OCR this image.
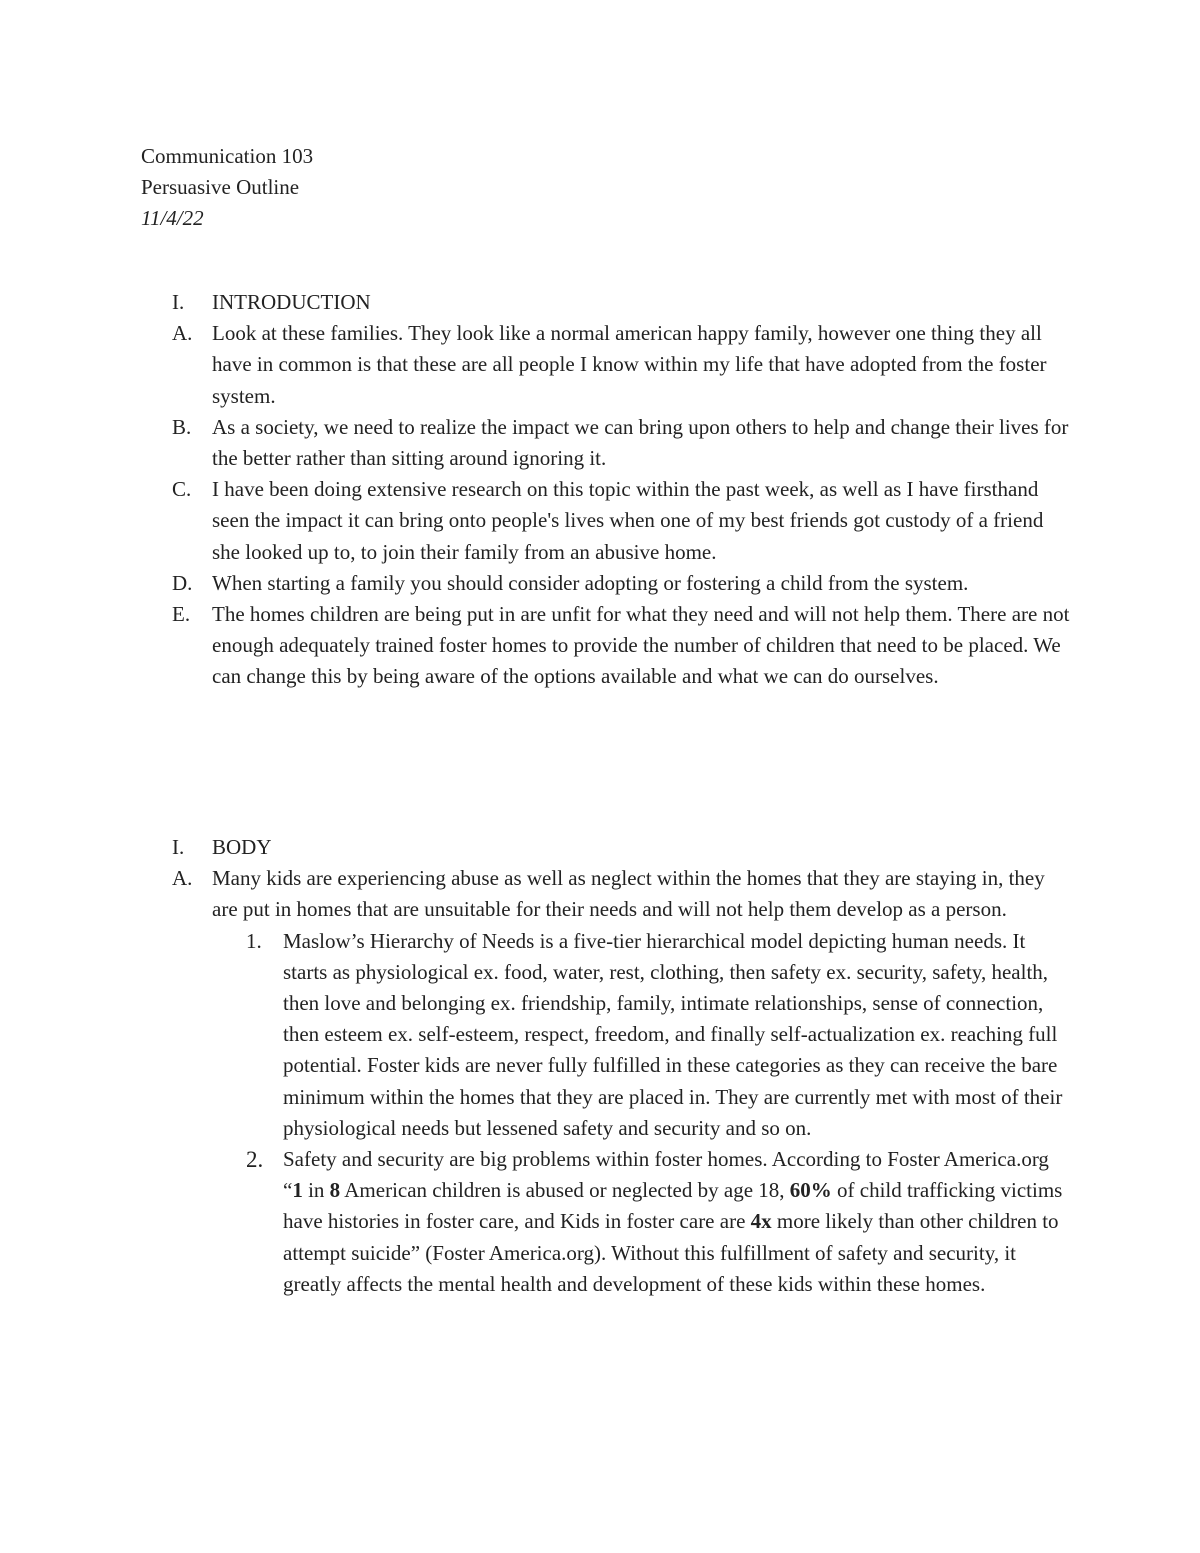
Communication 103
Persuasive Outline
11/4/22
I. INTRODUCTION
A. Look at these families. They look like a normal american happy family, however one thing they all have in common is that these are all people I know within my life that have adopted from the foster system.
B. As a society, we need to realize the impact we can bring upon others to help and change their lives for the better rather than sitting around ignoring it.
C. I have been doing extensive research on this topic within the past week, as well as I have firsthand seen the impact it can bring onto people's lives when one of my best friends got custody of a friend she looked up to, to join their family from an abusive home.
D. When starting a family you should consider adopting or fostering a child from the system.
E. The homes children are being put in are unfit for what they need and will not help them. There are not enough adequately trained foster homes to provide the number of children that need to be placed. We can change this by being aware of the options available and what we can do ourselves.
I. BODY
A. Many kids are experiencing abuse as well as neglect within the homes that they are staying in, they are put in homes that are unsuitable for their needs and will not help them develop as a person.
1. Maslow’s Hierarchy of Needs is a five-tier hierarchical model depicting human needs. It starts as physiological ex. food, water, rest, clothing, then safety ex. security, safety, health, then love and belonging ex. friendship, family, intimate relationships, sense of connection, then esteem ex. self-esteem, respect, freedom, and finally self-actualization ex. reaching full potential. Foster kids are never fully fulfilled in these categories as they can receive the bare minimum within the homes that they are placed in. They are currently met with most of their physiological needs but lessened safety and security and so on.
2. Safety and security are big problems within foster homes. According to Foster America.org “1 in 8 American children is abused or neglected by age 18, 60% of child trafficking victims have histories in foster care, and Kids in foster care are 4x more likely than other children to attempt suicide” (Foster America.org). Without this fulfillment of safety and security, it greatly affects the mental health and development of these kids within these homes.
